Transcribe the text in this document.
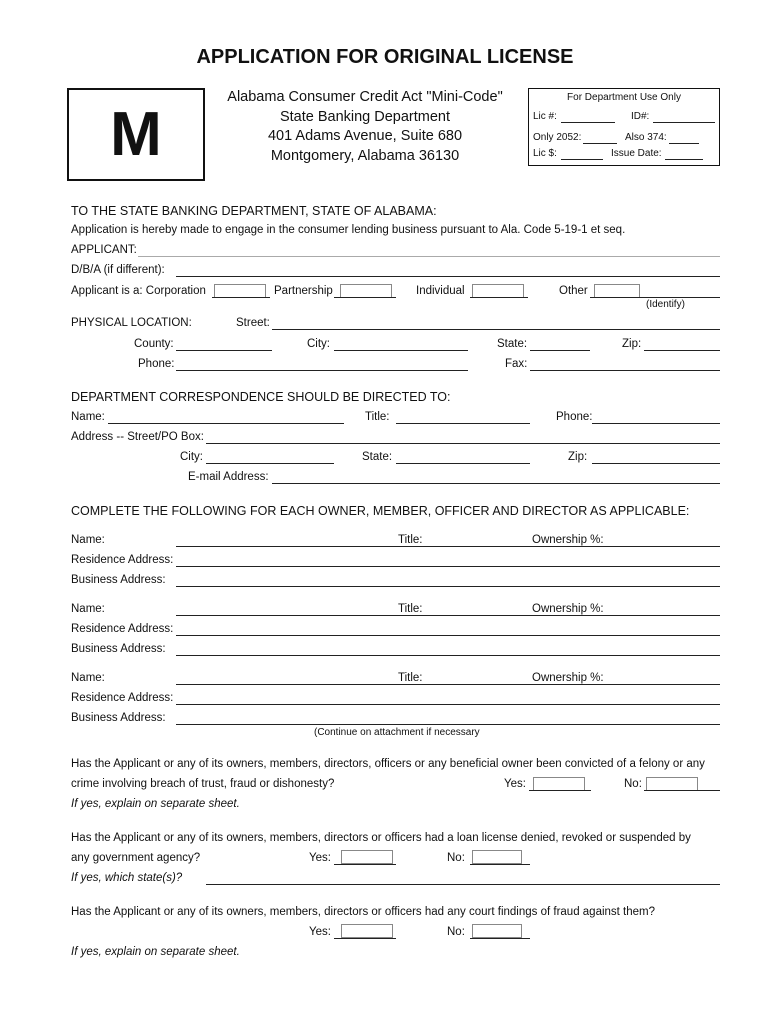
APPLICATION FOR ORIGINAL LICENSE
M
Alabama Consumer Credit Act "Mini-Code"
State Banking Department
401 Adams Avenue, Suite 680
Montgomery, Alabama 36130
For Department Use Only
Lic #:	ID#:
Only 2052:	Also 374:
Lic $:	Issue Date:
TO THE STATE BANKING DEPARTMENT, STATE OF ALABAMA:
Application is hereby made to engage in the consumer lending business pursuant to Ala. Code 5-19-1 et seq.
APPLICANT:
D/B/A (if different):
Applicant is a: Corporation	Partnership	Individual	Other
(Identify)
PHYSICAL LOCATION:	Street:
County:	City:	State:	Zip:
Phone:	Fax:
DEPARTMENT CORRESPONDENCE SHOULD BE DIRECTED TO:
Name:	Title:	Phone:
Address -- Street/PO Box:
City:	State:	Zip:
E-mail Address:
COMPLETE THE FOLLOWING FOR EACH OWNER, MEMBER, OFFICER AND DIRECTOR AS APPLICABLE:
Name:	Title:	Ownership %:
Residence Address:
Business Address:
Name:	Title:	Ownership %:
Residence Address:
Business Address:
Name:	Title:	Ownership %:
Residence Address:
Business Address:
(Continue on attachment if necessary
Has the Applicant or any of its owners, members, directors, officers or any beneficial owner been convicted of a felony or any
crime involving breach of trust, fraud or dishonesty?	Yes:	No:
If yes, explain on separate sheet.
Has the Applicant or any of its owners, members, directors or officers had a loan license denied, revoked or suspended by
any government agency?	Yes:	No:
If yes, which state(s)?
Has the Applicant or any of its owners, members, directors or officers had any court findings of fraud against them?
Yes:	No:
If yes, explain on separate sheet.
